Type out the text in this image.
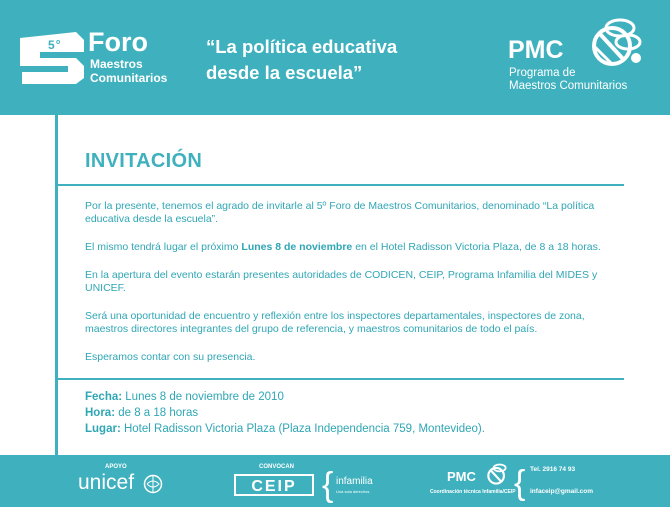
5 o Foro
Maestros
Comunitarios
“La política educativa
desde la escuela”
PMC
Programa de
Maestros Comunitarios
INVITACIÓN

Por la presente, tenemos el agrado de invitarle al 5º Foro de Maestros Comunitarios, denominado “La política educativa desde la escuela”.

El mismo tendrá lugar el próximo Lunes 8 de noviembre en el Hotel Radisson Victoria Plaza, de 8 a 18 horas.

En la apertura del evento estarán presentes autoridades de CODICEN, CEIP, Programa Infamilia del MIDES y UNICEF.

Será una oportunidad de encuentro y reflexión entre los inspectores departamentales, inspectores de zona, maestros directores integrantes del grupo de referencia, y maestros comunitarios de todo el país.

Esperamos contar con su presencia.

Fecha: Lunes 8 de noviembre de 2010
Hora: de 8 a 18 horas
Lugar: Hotel Radisson Victoria Plaza (Plaza Independencia 759, Montevideo).
APOYO
unicef
CONVOCAN
CEIP { infamilia
Una sola derechos
PMC
Coordinación técnica Infamilia/CEIP
{ Tel. 2916 74 93
infaceip@gmail.com
